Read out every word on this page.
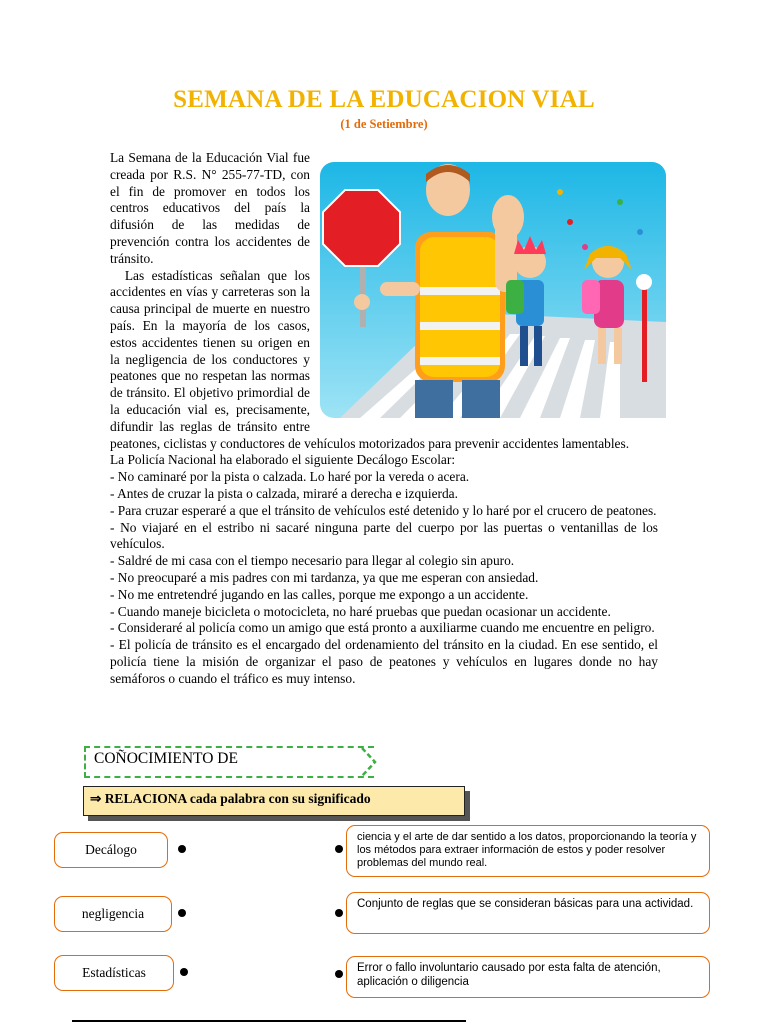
SEMANA DE LA EDUCACION VIAL
(1 de Setiembre)

La Semana de la Educación Vial fue creada por R.S. N° 255-77-TD, con el fin de promover en todos los centros educativos del país la difusión de las medidas de prevención contra los accidentes de tránsito.

Las estadísticas señalan que los accidentes en vías y carreteras son la causa principal de muerte en nuestro país. En la mayoría de los casos, estos accidentes tienen su origen en la negligencia de los conductores y peatones que no respetan las normas de tránsito. El objetivo primordial de la educación vial es, precisamente, difundir las reglas de tránsito entre peatones, ciclistas y conductores de vehículos motorizados para prevenir accidentes lamentables.

La Policía Nacional ha elaborado el siguiente Decálogo Escolar:

- No caminaré por la pista o calzada. Lo haré por la vereda o acera.

- Antes de cruzar la pista o calzada, miraré a derecha e izquierda.

- Para cruzar esperaré a que el tránsito de vehículos esté detenido y lo haré por el crucero de peatones.

- No viajaré en el estribo ni sacaré ninguna parte del cuerpo por las puertas o ventanillas de los vehículos.

- Saldré de mi casa con el tiempo necesario para llegar al colegio sin apuro.

- No preocuparé a mis padres con mi tardanza, ya que me esperan con ansiedad.

- No me entretendré jugando en las calles, porque me expongo a un accidente.

- Cuando maneje bicicleta o motocicleta, no haré pruebas que puedan ocasionar un accidente.

- Consideraré al policía como un amigo que está pronto a auxiliarme cuando me encuentre en peligro.

- El policía de tránsito es el encargado del ordenamiento del tránsito en la ciudad. En ese sentido, el policía tiene la misión de organizar el paso de peatones y vehículos en lugares donde no hay semáforos o cuando el tráfico es muy intenso.

COÑOCIMIENTO DE
⇒ RELACIONA cada palabra con su significado
Decálogo
ciencia y el arte de dar sentido a los datos, proporcionando la teoría y los métodos para extraer información de estos y poder resolver problemas del mundo real.
negligencia
Conjunto de reglas que se consideran básicas para una actividad.
Estadísticas	Error o fallo involuntario causado por esta falta de atención, aplicación o diligencia
